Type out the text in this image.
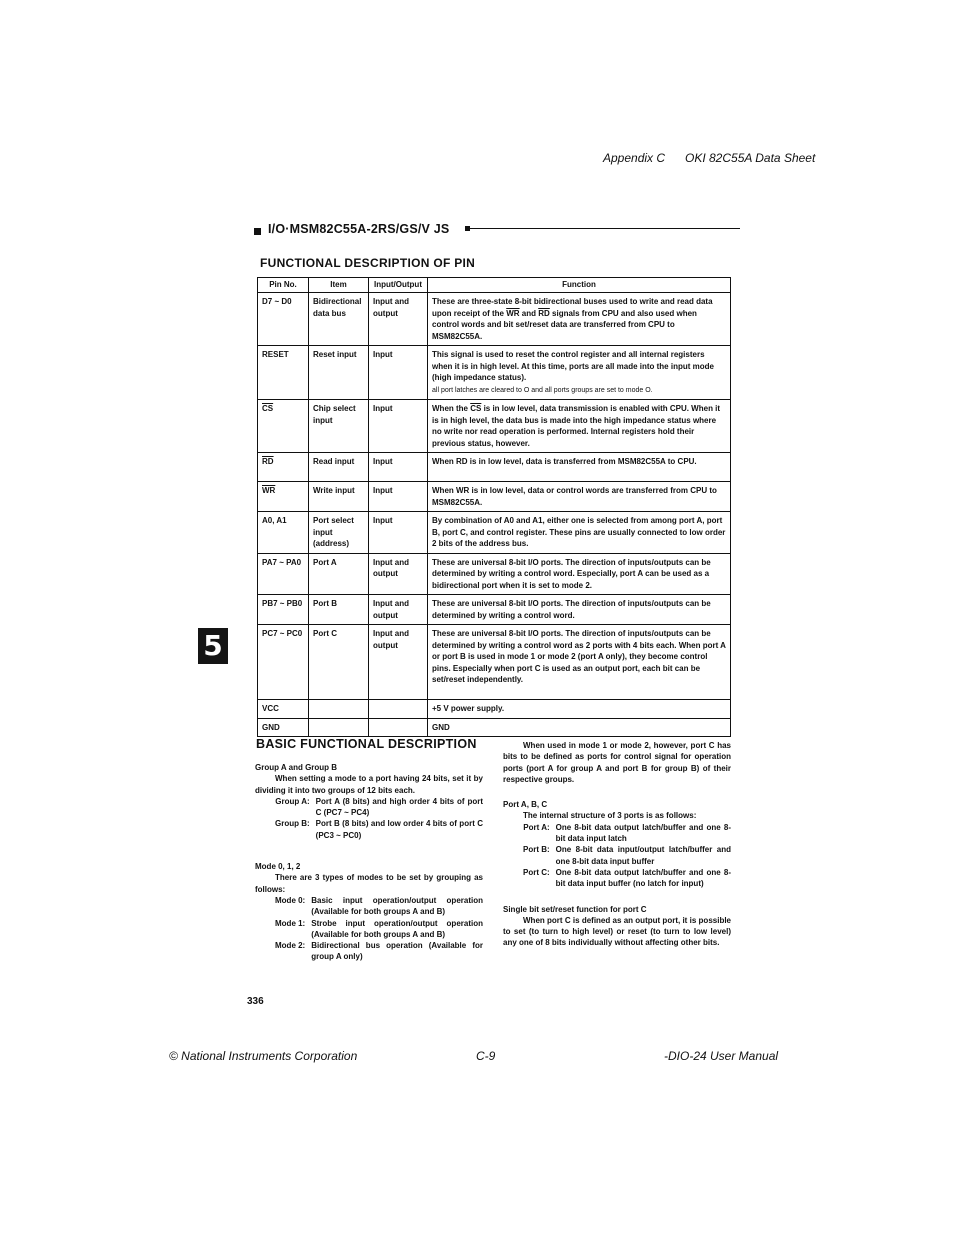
Appendix C OKI 82C55A Data Sheet
I/O·MSM82C55A-2RS/GS/V JS
FUNCTIONAL DESCRIPTION OF PIN
Pin No.	Item	Input/Output	Function
D7 ~ D0	Bidirectional data bus	Input and output	These are three-state 8-bit bidirectional buses used to write and read data upon receipt of the $\overline{WR}$ and $\overline{RD}$ signals from CPU and also used when control words and bit set/reset data are transferred from CPU to MSM82C55A.
RESET	Reset input	Input	This signal is used to reset the control register and all internal registers when it is in high level. At this time, ports are all made into the input mode (high impedance status).
all port latches are cleared to O and all ports groups are set to mode O.
$\overline{CS}$	Chip select input	Input	When the $\overline{CS}$ is in low level, data transmission is enabled with CPU. When it is in high level, the data bus is made into the high impedance status where no write nor read operation is performed. Internal registers hold their previous status, however.
$\overline{RD}$	Read input	Input	When RD is in low level, data is transferred from MSM82C55A to CPU.
$\overline{WR}$	Write input	Input	When WR is in low level, data or control words are transferred from CPU to MSM82C55A.
A0, A1	Port select input (address)	Input	By combination of A0 and A1, either one is selected from among port A, port B, port C, and control register. These pins are usually connected to low order 2 bits of the address bus.
PA7 ~ PA0	Port A	Input and output	These are universal 8-bit I/O ports. The direction of inputs/outputs can be determined by writing a control word. Especially, port A can be used as a bidirectional port when it is set to mode 2.
PB7 ~ PB0	Port B	Input and output	These are universal 8-bit I/O ports. The direction of inputs/outputs can be determined by writing a control word.
PC7 ~ PC0	Port C	Input and output	These are universal 8-bit I/O ports. The direction of inputs/outputs can be determined by writing a control word as 2 ports with 4 bits each. When port A or port B is used in mode 1 or mode 2 (port A only), they become control pins. Especially when port C is used as an output port, each bit can be set/reset independently.
VCC			+5 V power supply.
GND			GND
5
BASIC FUNCTIONAL DESCRIPTION
Group A and Group B
When setting a mode to a port having 24 bits, set it by dividing it into two groups of 12 bits each.
Group A: Port A (8 bits) and high order 4 bits of port C (PC7 ~ PC4)
Group B: Port B (8 bits) and low order 4 bits of port C (PC3 ~ PC0)
Mode 0, 1, 2
There are 3 types of modes to be set by grouping as follows:
Mode 0: Basic input operation/output operation (Available for both groups A and B)
Mode 1: Strobe input operation/output operation (Available for both groups A and B)
Mode 2: Bidirectional bus operation (Available for group A only)
When used in mode 1 or mode 2, however, port C has bits to be defined as ports for control signal for operation ports (port A for group A and port B for group B) of their respective groups.
Port A, B, C
The internal structure of 3 ports is as follows:
Port A: One 8-bit data output latch/buffer and one 8-bit data input latch
Port B: One 8-bit data input/output latch/buffer and one 8-bit data input buffer
Port C: One 8-bit data output latch/buffer and one 8-bit data input buffer (no latch for input)
Single bit set/reset function for port C
When port C is defined as an output port, it is possible to set (to turn to high level) or reset (to turn to low level) any one of 8 bits individually without affecting other bits.
336
© National Instruments Corporation	C-9	-DIO-24 User Manual
